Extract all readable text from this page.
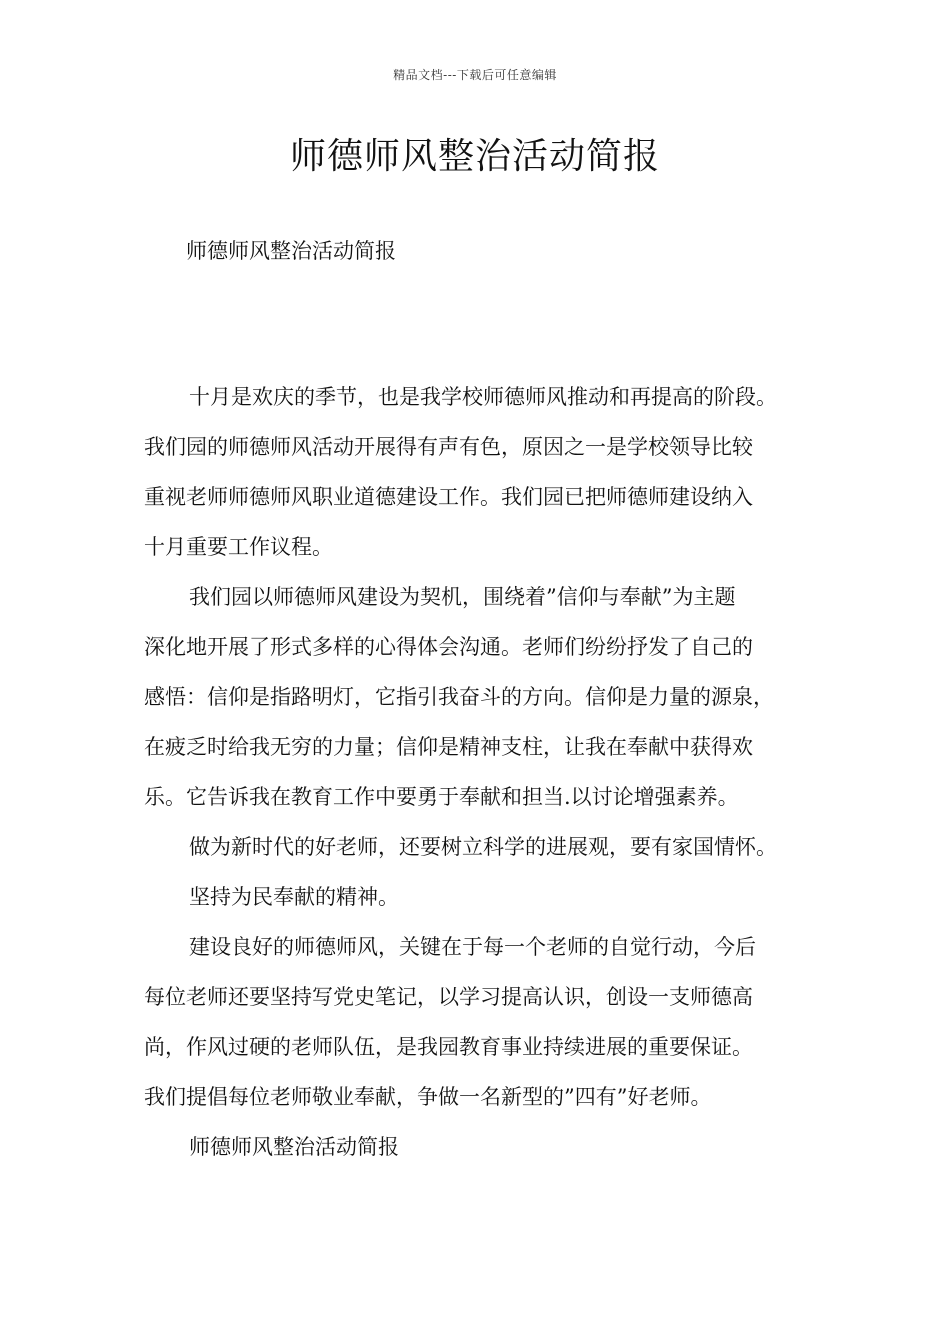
精品文档---下载后可任意编辑
师德师风整治活动简报
师德师风整治活动简报
十月是欢庆的季节，也是我学校师德师风推动和再提高的阶段。
我们园的师德师风活动开展得有声有色，原因之一是学校领导比较
重视老师师德师风职业道德建设工作。我们园已把师德师建设纳入
十月重要工作议程。
我们园以师德师风建设为契机，围绕着”信仰与奉献”为主题
深化地开展了形式多样的心得体会沟通。老师们纷纷抒发了自己的
感悟：信仰是指路明灯，它指引我奋斗的方向。信仰是力量的源泉，
在疲乏时给我无穷的力量；信仰是精神支柱，让我在奉献中获得欢
乐。它告诉我在教育工作中要勇于奉献和担当.以讨论增强素养。
做为新时代的好老师，还要树立科学的进展观，要有家国情怀。
坚持为民奉献的精神。
建设良好的师德师风，关键在于每一个老师的自觉行动，今后
每位老师还要坚持写党史笔记，以学习提高认识，创设一支师德高
尚，作风过硬的老师队伍，是我园教育事业持续进展的重要保证。
我们提倡每位老师敬业奉献，争做一名新型的”四有”好老师。
师德师风整治活动简报
